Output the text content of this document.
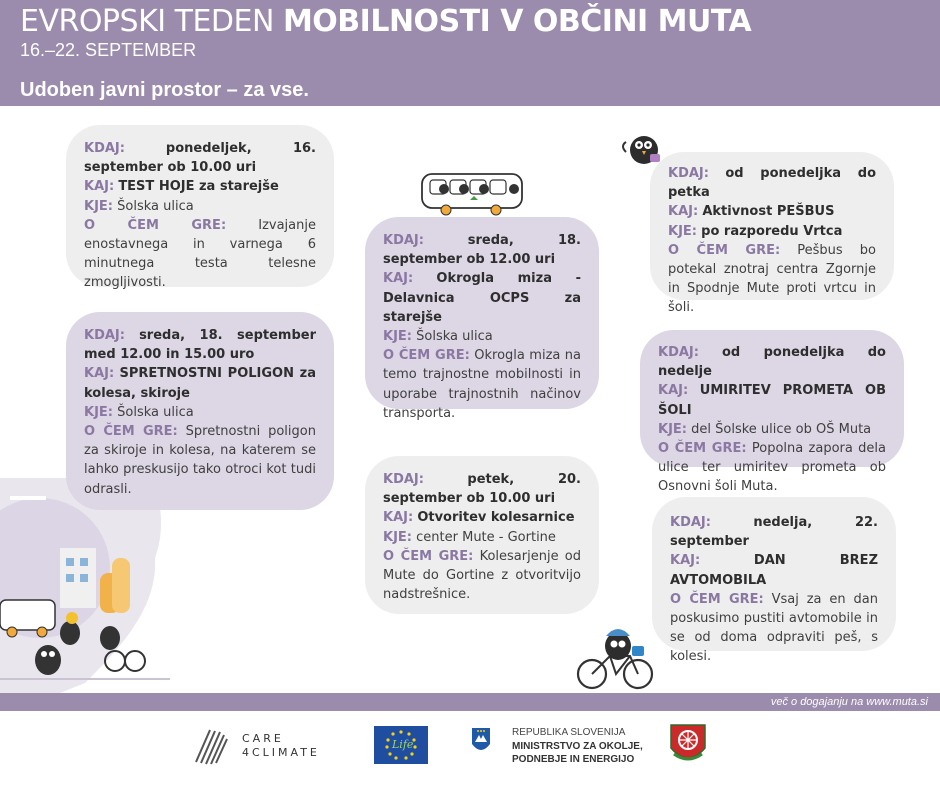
EVROPSKI TEDEN MOBILNOSTI V OBČINI MUTA
16.–22. SEPTEMBER
Udoben javni prostor – za vse.

KDAJ:	ponedeljek, 16. september ob 10.00 uri

KAJ: TEST HOJE za starejše

KJE: Šolska ulica

O ČEM GRE: Izvajanje enostavnega in varnega 6 minutnega testa telesne zmogljivosti.

KDAJ: sreda, 18. september med 12.00 in 15.00 uro

KAJ: SPRETNOSTNI POLIGON za kolesa, skiroje

KJE: Šolska ulica

O ČEM GRE: Spretnostni poligon za skiroje in kolesa, na katerem se lahko preskusijo tako otroci kot tudi odrasli.

KDAJ:	sreda, 18. september ob 12.00 uri

KAJ: Okrogla miza - Delavnica OCPS za starejše

KJE: Šolska ulica

O ČEM GRE: Okrogla miza na temo trajnostne mobilnosti in uporabe trajnostnih načinov transporta.

KDAJ:	petek, 20. september ob 10.00 uri

KAJ: Otvoritev kolesarnice

KJE: center Mute - Gortine

O ČEM GRE: Kolesarjenje od Mute do Gortine z otvoritvijo nadstrešnice.

KDAJ: od ponedeljka do petka

KAJ: Aktivnost PEŠBUS

KJE: po razporedu Vrtca

O ČEM GRE: Pešbus bo potekal znotraj centra Zgornje in Spodnje Mute proti vrtcu in šoli.

KDAJ: od ponedeljka do nedelje

KAJ: UMIRITEV PROMETA OB ŠOLI

KJE: del Šolske ulice ob OŠ Muta

O ČEM GRE: Popolna zapora dela ulice ter umiritev prometa ob Osnovni šoli Muta.

KDAJ:	nedelja, 22. september

KAJ:	DAN BREZ AVTOMOBILA

O ČEM GRE: Vsaj za en dan poskusimo pustiti avtomobile in se od doma odpraviti peš, s kolesi.

več o dogajanju na www.muta.si
CARE
4CLIMATE
Life
REPUBLIKA SLOVENIJA
MINISTRSTVO ZA OKOLJE,
PODNEBJE IN ENERGIJO
